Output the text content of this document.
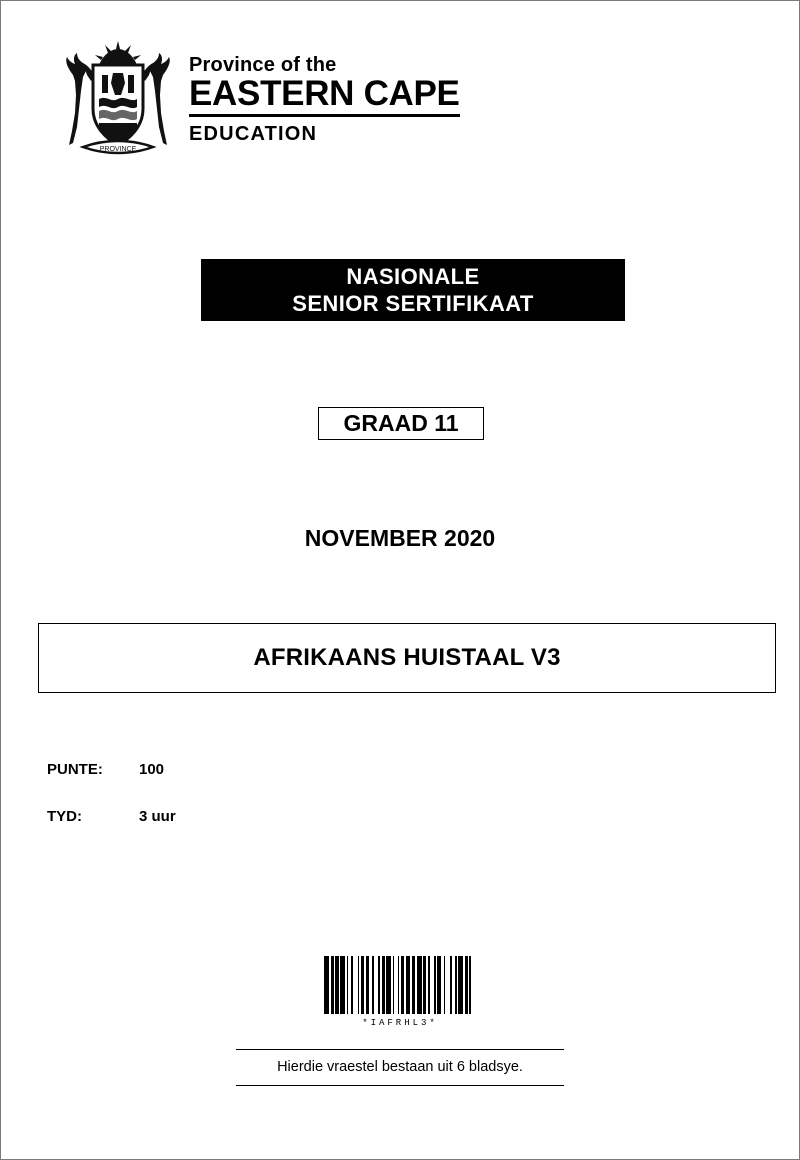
PROVINCE
Province of the
EASTERN CAPE
EDUCATION
NASIONALE
SENIOR SERTIFIKAAT
GRAAD 11
NOVEMBER 2020
AFRIKAANS HUISTAAL V3
PUNTE:	100
TYD:	3 uur
*IAFRHL3*
Hierdie vraestel bestaan uit 6 bladsye.
